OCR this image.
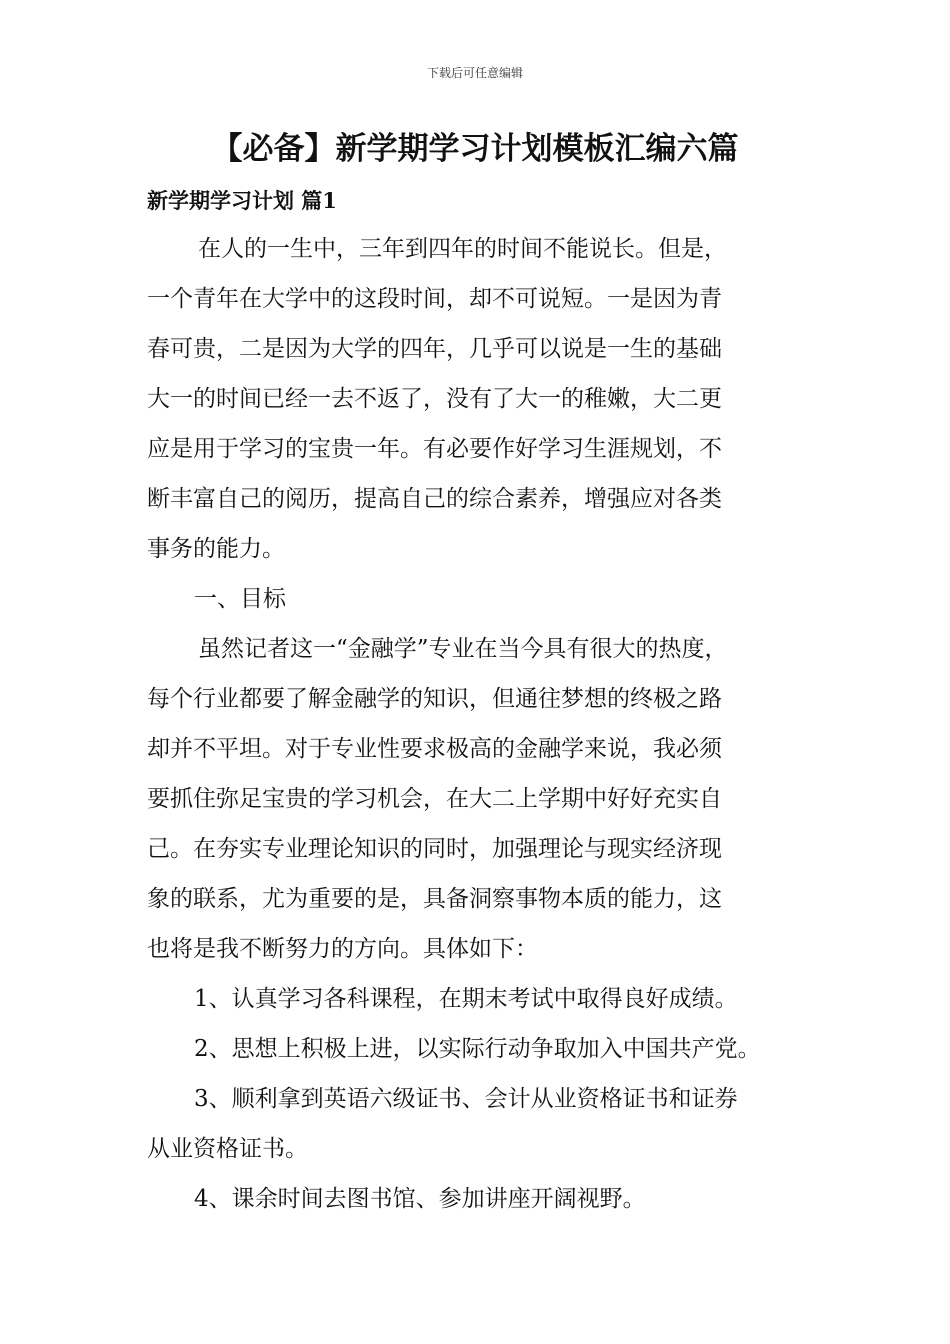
下载后可任意编辑
【必备】新学期学习计划模板汇编六篇
新学期学习计划 篇1
在人的一生中，三年到四年的时间不能说长。但是，
一个青年在大学中的这段时间，却不可说短。一是因为青
春可贵，二是因为大学的四年，几乎可以说是一生的基础
大一的时间已经一去不返了，没有了大一的稚嫩，大二更
应是用于学习的宝贵一年。有必要作好学习生涯规划，不
断丰富自己的阅历，提高自己的综合素养，增强应对各类
事务的能力。
一、目标
虽然记者这一“金融学”专业在当今具有很大的热度，
每个行业都要了解金融学的知识，但通往梦想的终极之路
却并不平坦。对于专业性要求极高的金融学来说，我必须
要抓住弥足宝贵的学习机会，在大二上学期中好好充实自
己。在夯实专业理论知识的同时，加强理论与现实经济现
象的联系，尤为重要的是，具备洞察事物本质的能力，这
也将是我不断努力的方向。具体如下：
1、认真学习各科课程，在期末考试中取得良好成绩。
2、思想上积极上进，以实际行动争取加入中国共产党。
3、顺利拿到英语六级证书、会计从业资格证书和证券
从业资格证书。
4、课余时间去图书馆、参加讲座开阔视野。
